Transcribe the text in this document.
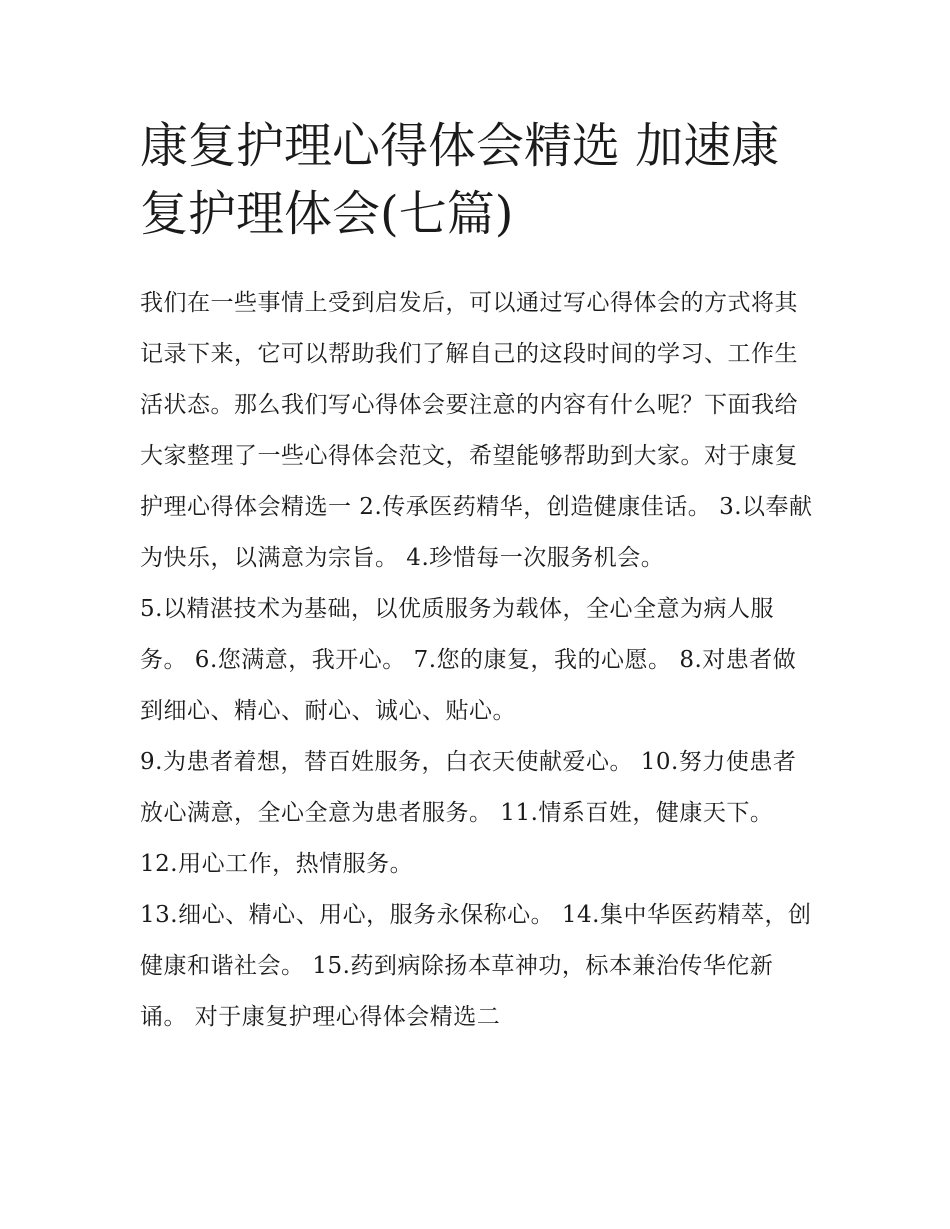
康复护理心得体会精选 加速康复护理体会(七篇)

我们在一些事情上受到启发后，可以通过写心得体会的方式将其记录下来，它可以帮助我们了解自己的这段时间的学习、工作生活状态。那么我们写心得体会要注意的内容有什么呢？下面我给大家整理了一些心得体会范文，希望能够帮助到大家。对于康复护理心得体会精选一 2.传承医药精华，创造健康佳话。 3.以奉献为快乐，以满意为宗旨。 4.珍惜每一次服务机会。

5.以精湛技术为基础，以优质服务为载体，全心全意为病人服务。 6.您满意，我开心。 7.您的康复，我的心愿。 8.对患者做到细心、精心、耐心、诚心、贴心。

9.为患者着想，替百姓服务，白衣天使献爱心。 10.努力使患者放心满意，全心全意为患者服务。 11.情系百姓，健康天下。 12.用心工作，热情服务。

13.细心、精心、用心，服务永保称心。 14.集中华医药精萃，创健康和谐社会。 15.药到病除扬本草神功，标本兼治传华佗新诵。 对于康复护理心得体会精选二
